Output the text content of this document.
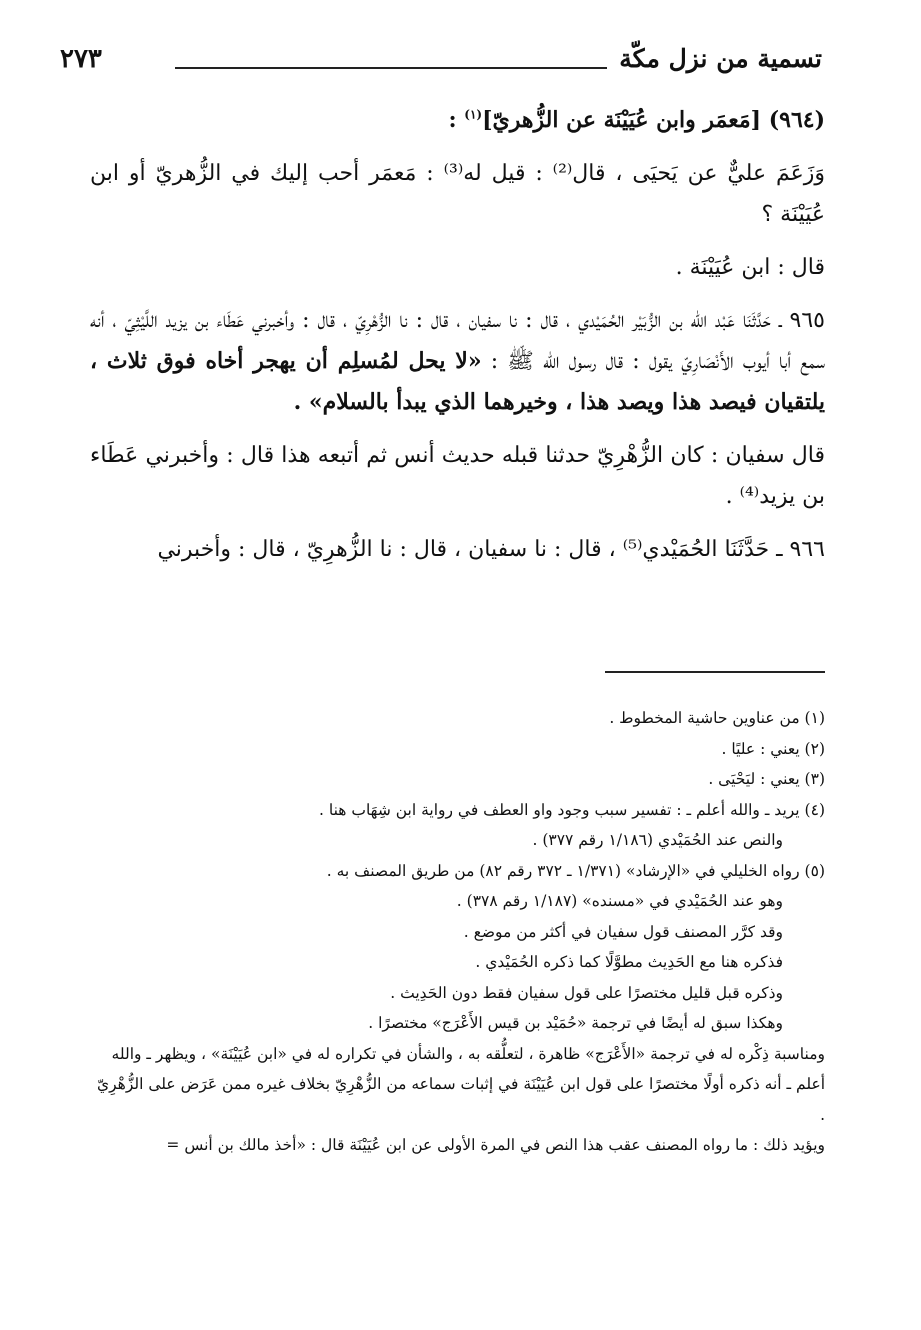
٢٧٣	تسمية من نزل مكّة

(٩٦٤) [مَعمَر وابن عُيَيْنَة عن الزُّهريّ]$^{(١)}$ :

وَزَعَمَ عليٌّ عن يَحيَى ، قال⁽²⁾ : قيل له⁽³⁾ : مَعمَر أحب إليك في الزُّهريّ أو ابن عُيَيْنَة ؟

قال : ابن عُيَيْنَة .

٩٦٥ ـ حَدَّثَنَا عَبْد الله بن الزُّبَيْر الحُمَيْدي ، قال : نا سفيان ، قال : نا الزُّهْرِيّ ، قال : وأخبرني عَطَاء بن يزيد اللَّيْثِيّ ، أنه سمع أبا أيوب الأَنْصَارِيّ يقول : قال رسول الله ﷺ : «لا يحل لمُسلِم أن يهجر أخاه فوق ثلاث ، يلتقيان فيصد هذا ويصد هذا ، وخيرهما الذي يبدأ بالسلام» .

قال سفيان : كان الزُّهْرِيّ حدثنا قبله حديث أنس ثم أتبعه هذا قال : وأخبرني عَطَاء بن يزيد⁽⁴⁾ .

٩٦٦ ـ حَدَّثَنَا الحُمَيْدي⁽⁵⁾ ، قال : نا سفيان ، قال : نا الزُّهرِيّ ، قال : وأخبرني

(١) من عناوين حاشية المخطوط .

(٢) يعني : عليًا .

(٣) يعني : ليَحْيَى .

(٤) يريد ـ والله أعلم ـ : تفسير سبب وجود واو العطف في رواية ابن شِهَاب هنا .

والنص عند الحُمَيْدي (١/١٨٦ رقم ٣٧٧) .

(٥) رواه الخليلي في «الإرشاد» (١/٣٧١ ـ ٣٧٢ رقم ٨٢) من طريق المصنف به .

وهو عند الحُمَيْدي في «مسنده» (١/١٨٧ رقم ٣٧٨) .

وقد كرَّر المصنف قول سفيان في أكثر من موضع .

فذكره هنا مع الحَدِيث مطوَّلًا كما ذكره الحُمَيْدي .

وذكره قبل قليل مختصرًا على قول سفيان فقط دون الحَدِيث .

وهكذا سبق له أيضًا في ترجمة «حُمَيْد بن قيس الأَعْرَج» مختصرًا .

ومناسبة ذِكْره له في ترجمة «الأَعْرَج» ظاهرة ، لتعلُّقه به ، والشأن في تكراره له في «ابن عُيَيْنَة» ، ويظهر ـ والله أعلم ـ أنه ذكره أولًا مختصرًا على قول ابن عُيَيْنَة في إثبات سماعه من الزُّهْرِيّ بخلاف غيره ممن عَرَض على الزُّهْرِيّ .

ويؤيد ذلك : ما رواه المصنف عقب هذا النص في المرة الأولى عن ابن عُيَيْنَة قال : «أخذ مالك بن أنس =
